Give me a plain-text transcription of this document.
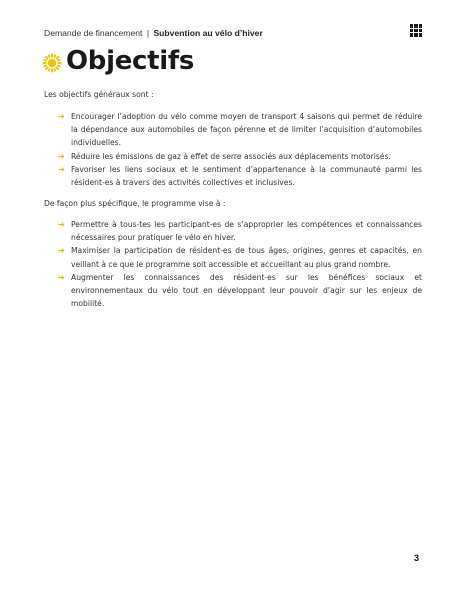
Demande de financement | Subvention au vélo d’hiver
Objectifs
Les objectifs généraux sont :
➔ Encourager l’adoption du vélo comme moyen de transport 4 saisons qui permet de réduire la dépendance aux automobiles de façon pérenne et de limiter l’acquisition d’automobiles individuelles.
➔ Réduire les émissions de gaz à effet de serre associés aux déplacements motorisés.
➔ Favoriser les liens sociaux et le sentiment d’appartenance à la communauté parmi les résident-es à travers des activités collectives et inclusives.
De façon plus spécifique, le programme vise à :
➔ Permettre à tous-tes les participant-es de s’approprier les compétences et connaissances nécessaires pour pratiquer le vélo en hiver.
➔ Maximiser la participation de résident-es de tous âges, origines, genres et capacités, en veillant à ce que le programme soit accessible et accueillant au plus grand nombre.
➔ Augmenter les connaissances des résident-es sur les bénéfices sociaux et environnementaux du vélo tout en développant leur pouvoir d’agir sur les enjeux de mobilité.
3
